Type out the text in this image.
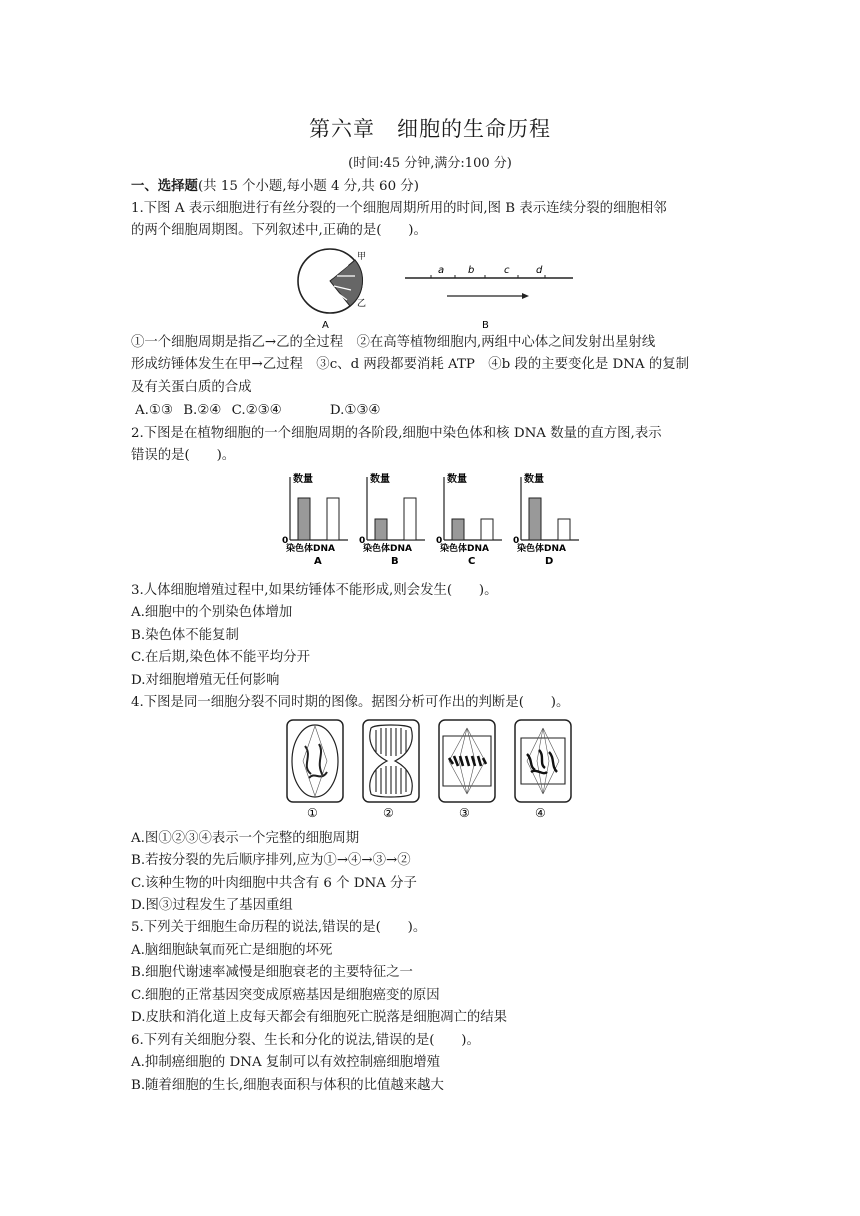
第六章 细胞的生命历程
(时间:45 分钟,满分:100 分)
一、选择题(共 15 个小题,每小题 4 分,共 60 分)
1.下图 A 表示细胞进行有丝分裂的一个细胞周期所用的时间,图 B 表示连续分裂的细胞相邻
的两个细胞周期图。下列叙述中,正确的是(　　)。
甲
乙
A
a b	c	d
B
①一个细胞周期是指乙→乙的全过程　②在高等植物细胞内,两组中心体之间发射出星射线
形成纺锤体发生在甲→乙过程　③c、d 两段都要消耗 ATP　④b 段的主要变化是 DNA 的复制
及有关蛋白质的合成
A.①③ B.②④ C.②③④	D.①③④
2.下图是在植物细胞的一个细胞周期的各阶段,细胞中染色体和核 DNA 数量的直方图,表示
错误的是(　　)。
数量
0
染色体DNA
A
数量
0
染色体DNA
B
数量
0
染色体DNA
C
数量
0
染色体DNA
D
3.人体细胞增殖过程中,如果纺锤体不能形成,则会发生(　　)。
A.细胞中的个别染色体增加
B.染色体不能复制
C.在后期,染色体不能平均分开
D.对细胞增殖无任何影响
4.下图是同一细胞分裂不同时期的图像。据图分析可作出的判断是(　　)。
①	②	③	④
A.图①②③④表示一个完整的细胞周期
B.若按分裂的先后顺序排列,应为①→④→③→②
C.该种生物的叶肉细胞中共含有 6 个 DNA 分子
D.图③过程发生了基因重组
5.下列关于细胞生命历程的说法,错误的是(　　)。
A.脑细胞缺氧而死亡是细胞的坏死
B.细胞代谢速率减慢是细胞衰老的主要特征之一
C.细胞的正常基因突变成原癌基因是细胞癌变的原因
D.皮肤和消化道上皮每天都会有细胞死亡脱落是细胞凋亡的结果
6.下列有关细胞分裂、生长和分化的说法,错误的是(　　)。
A.抑制癌细胞的 DNA 复制可以有效控制癌细胞增殖
B.随着细胞的生长,细胞表面积与体积的比值越来越大
